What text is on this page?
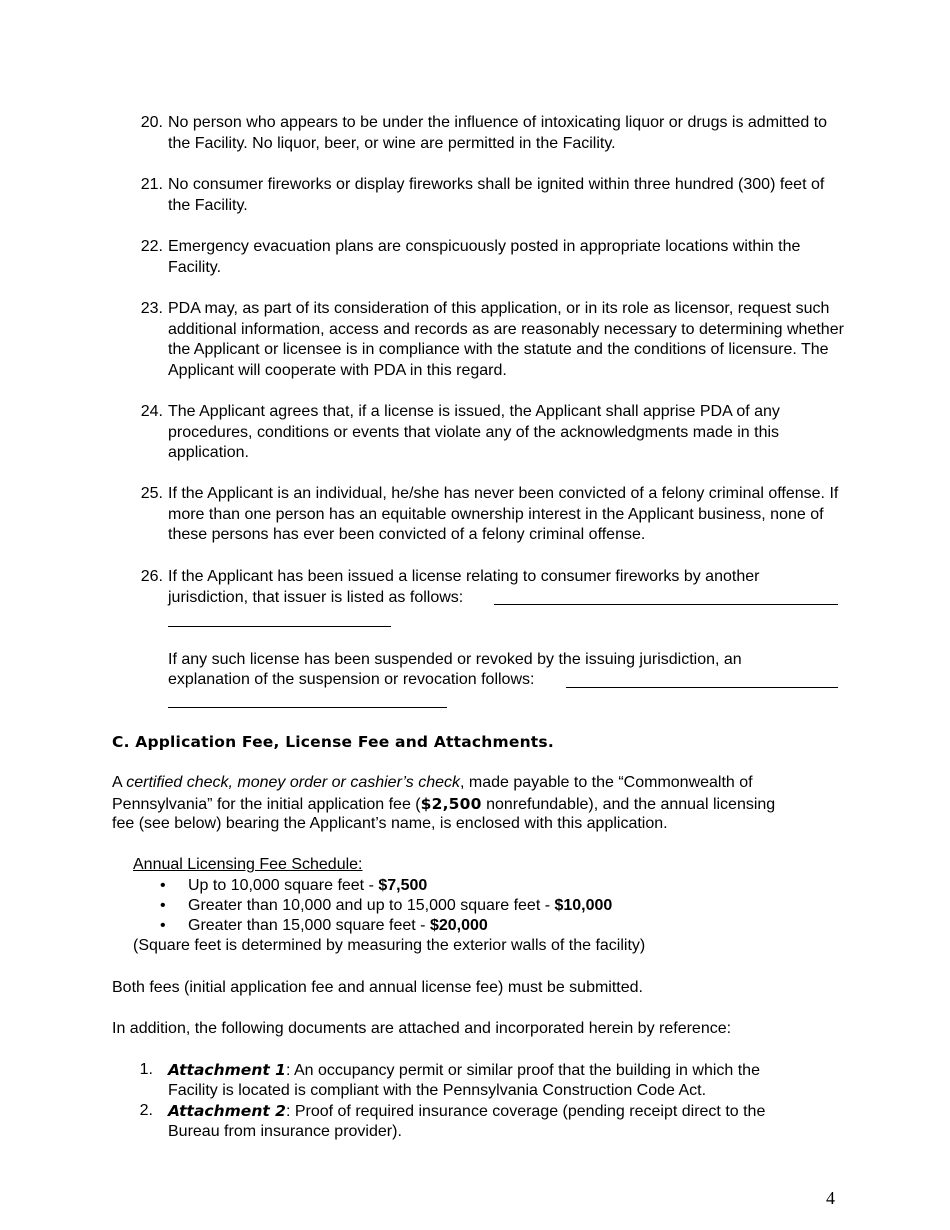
20. No person who appears to be under the influence of intoxicating liquor or drugs is admitted to the Facility. No liquor, beer, or wine are permitted in the Facility.
21. No consumer fireworks or display fireworks shall be ignited within three hundred (300) feet of the Facility.
22. Emergency evacuation plans are conspicuously posted in appropriate locations within the Facility.
23. PDA may, as part of its consideration of this application, or in its role as licensor, request such additional information, access and records as are reasonably necessary to determining whether the Applicant or licensee is in compliance with the statute and the conditions of licensure. The Applicant will cooperate with PDA in this regard.
24. The Applicant agrees that, if a license is issued, the Applicant shall apprise PDA of any procedures, conditions or events that violate any of the acknowledgments made in this application.
25. If the Applicant is an individual, he/she has never been convicted of a felony criminal offense. If more than one person has an equitable ownership interest in the Applicant business, none of these persons has ever been convicted of a felony criminal offense.
26. If the Applicant has been issued a license relating to consumer fireworks by another
jurisdiction, that issuer is listed as follows:
If any such license has been suspended or revoked by the issuing jurisdiction, an
explanation of the suspension or revocation follows:
C. Application Fee, License Fee and Attachments.
A certified check, money order or cashier’s check, made payable to the “Commonwealth of
Pennsylvania” for the initial application fee ($2,500 nonrefundable), and the annual licensing
fee (see below) bearing the Applicant’s name, is enclosed with this application.
Annual Licensing Fee Schedule:
• Up to 10,000 square feet - $7,500
• Greater than 10,000 and up to 15,000 square feet - $10,000
• Greater than 15,000 square feet - $20,000
(Square feet is determined by measuring the exterior walls of the facility)
Both fees (initial application fee and annual license fee) must be submitted.
In addition, the following documents are attached and incorporated herein by reference:
1. Attachment 1: An occupancy permit or similar proof that the building in which the
Facility is located is compliant with the Pennsylvania Construction Code Act.
2. Attachment 2: Proof of required insurance coverage (pending receipt direct to the
Bureau from insurance provider).
4
